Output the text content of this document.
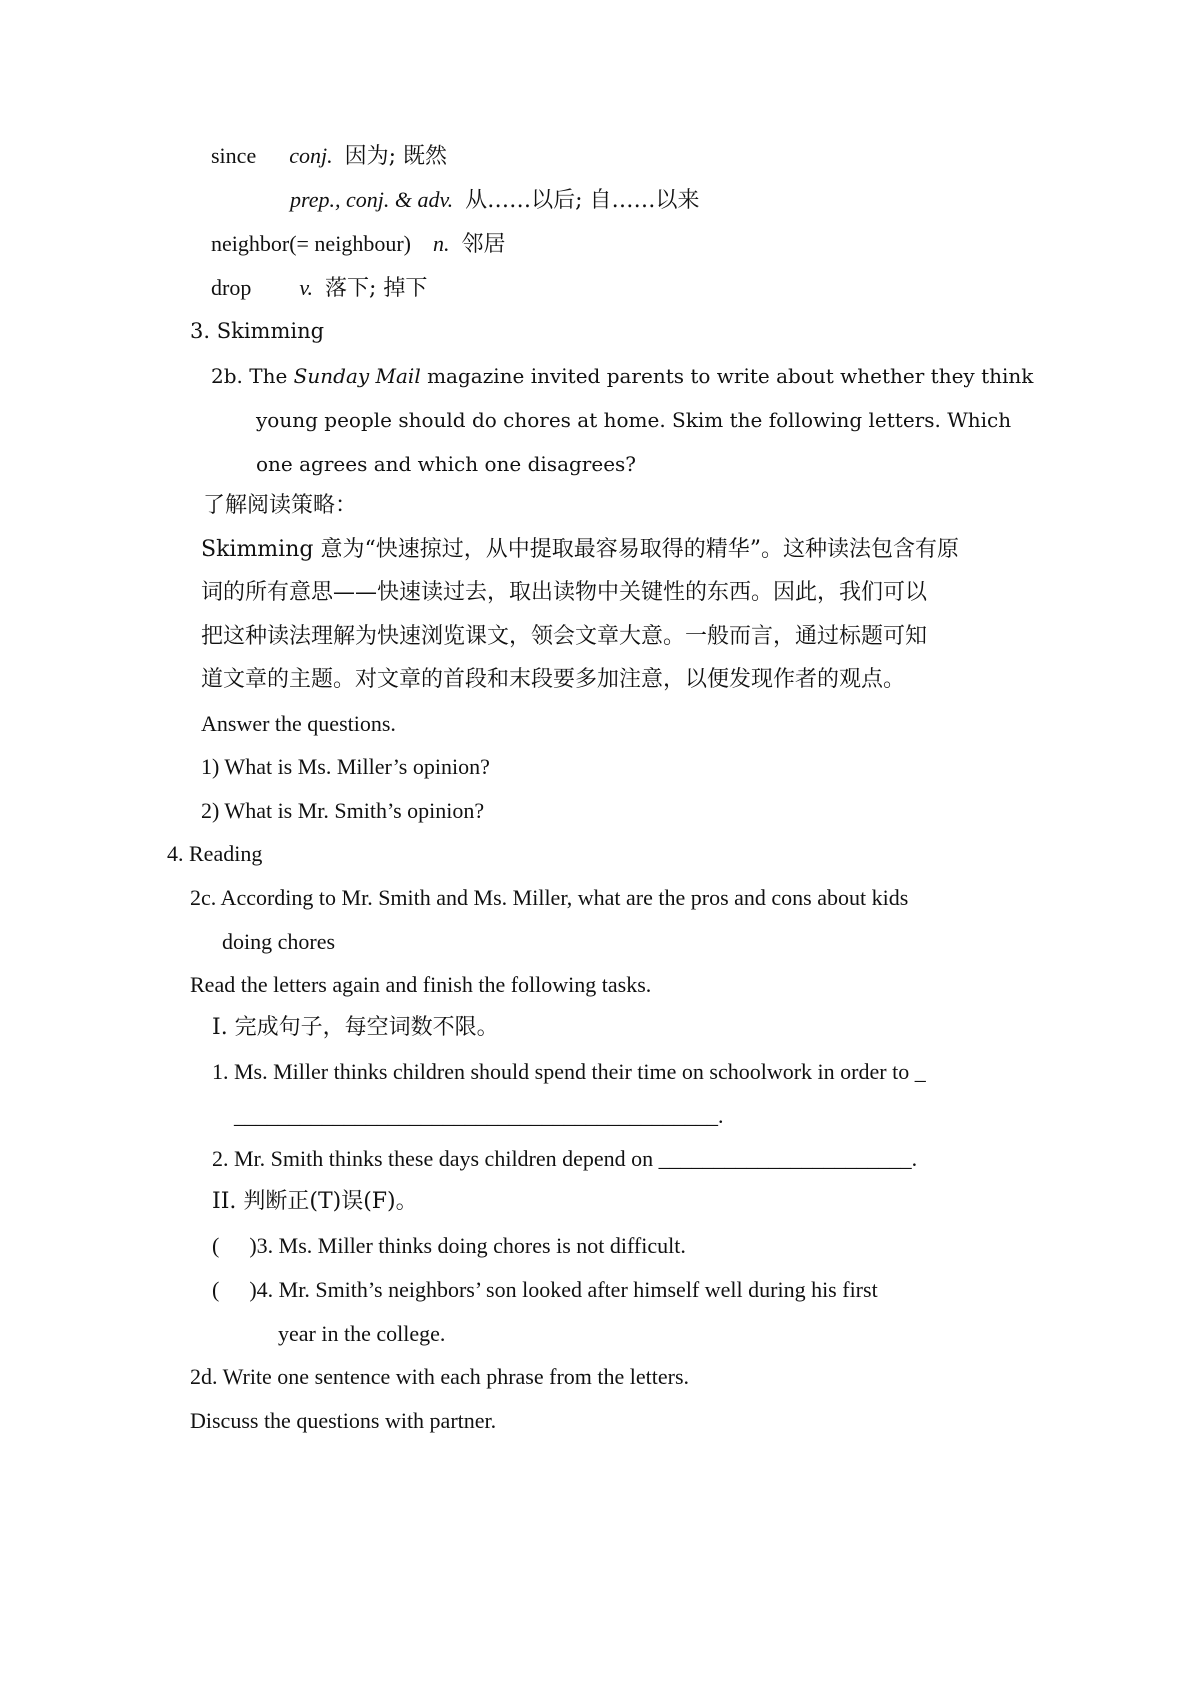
since conj. 因为; 既然
prep., conj. & adv. 从……以后; 自……以来
neighbor(= neighbour) n. 邻居
drop v. 落下; 掉下
3. Skimming
2b. The Sunday Mail magazine invited parents to write about whether they think
young people should do chores at home. Skim the following letters. Which
one agrees and which one disagrees?
了解阅读策略：
Skimming 意为“快速掠过，从中提取最容易取得的精华”。这种读法包含有原
词的所有意思——快速读过去，取出读物中关键性的东西。因此，我们可以
把这种读法理解为快速浏览课文，领会文章大意。一般而言，通过标题可知
道文章的主题。对文章的首段和末段要多加注意，以便发现作者的观点。
Answer the questions.
1) What is Ms. Miller’s opinion?
2) What is Mr. Smith’s opinion?
4. Reading
2c. According to Mr. Smith and Ms. Miller, what are the pros and cons about kids
doing chores
Read the letters again and finish the following tasks.
I. 完成句子，每空词数不限。
1. Ms. Miller thinks children should spend their time on schoolwork in order to _
____________________________________________.
2. Mr. Smith thinks these days children depend on _______________________.
II. 判断正(T)误(F)。
( )3. Ms. Miller thinks doing chores is not difficult.
( )4. Mr. Smith’s neighbors’ son looked after himself well during his first
year in the college.
2d. Write one sentence with each phrase from the letters.
Discuss the questions with partner.
